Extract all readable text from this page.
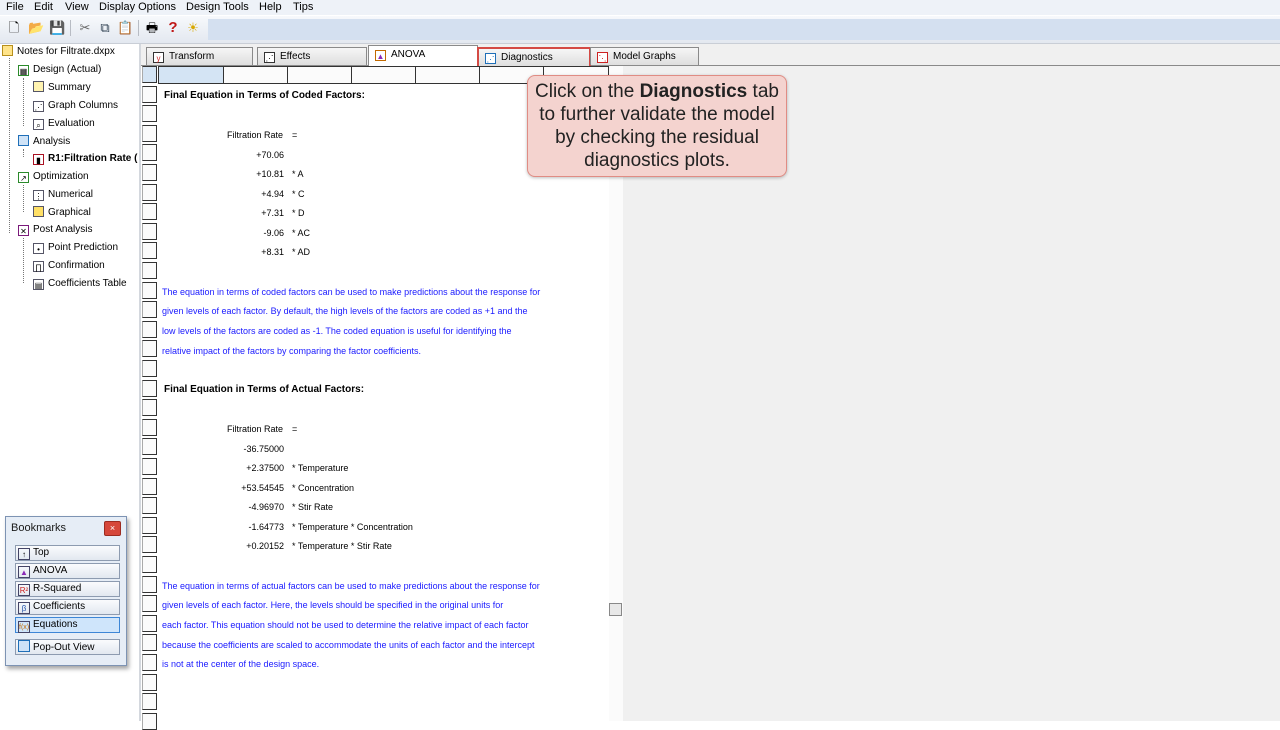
File Edit View Display Options Design Tools Help Tips
🗋 📂 💾 ✂ ⧉ 📋 🖶 ? ☀
Notes for Filtrate.dxpx
▦ Design (Actual)
Summary
⋰ Graph Columns
⌕ Evaluation
Analysis
▮ R1:Filtration Rate (
↗ Optimization
⋮ Numerical
Graphical
✕ Post Analysis
• Point Prediction
∏ Confirmation
▤ Coefficients Table
Bookmarks	×
↑ Top
▲ ANOVA
R² R-Squared
β Coefficients
f(x) Equations
Pop-Out View
y Transform	⋰ Effects	▲ ANOVA	⋰ Diagnostics	⋱ Model Graphs
Final Equation in Terms of Coded Factors:
Filtration Rate =
+70.06
+10.81 * A
+4.94 * C
+7.31 * D
-9.06 * AC
+8.31 * AD
The equation in terms of coded factors can be used to make predictions about the response for
given levels of each factor. By default, the high levels of the factors are coded as +1 and the
low levels of the factors are coded as -1. The coded equation is useful for identifying the
relative impact of the factors by comparing the factor coefficients.
Final Equation in Terms of Actual Factors:
Filtration Rate =
-36.75000
+2.37500 * Temperature
+53.54545 * Concentration
-4.96970 * Stir Rate
-1.64773 * Temperature * Concentration
+0.20152 * Temperature * Stir Rate
The equation in terms of actual factors can be used to make predictions about the response for
given levels of each factor. Here, the levels should be specified in the original units for
each factor. This equation should not be used to determine the relative impact of each factor
because the coefficients are scaled to accommodate the units of each factor and the intercept
is not at the center of the design space.
Click on the Diagnostics tab to further validate the model by checking the residual diagnostics plots.
